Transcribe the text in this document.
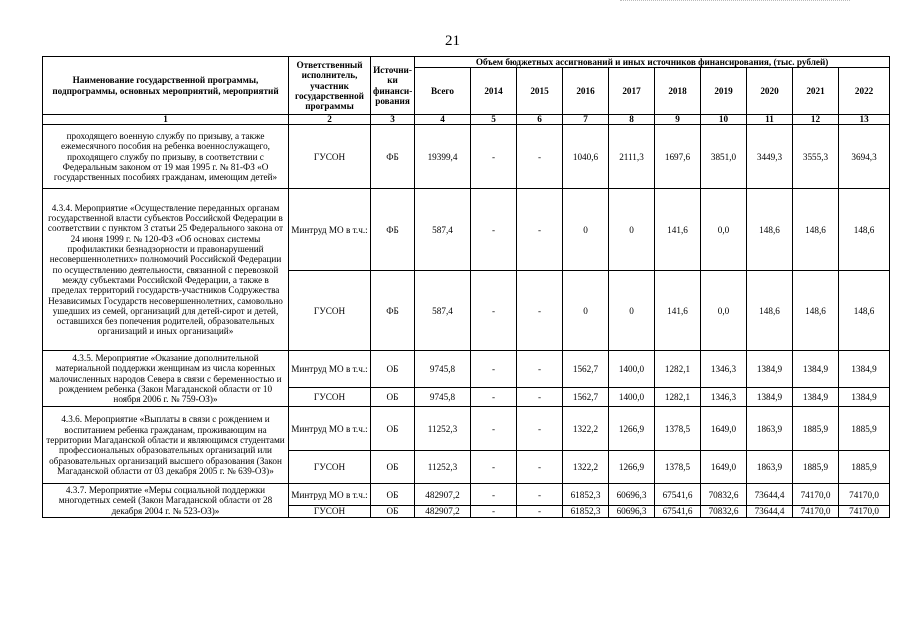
21
Наименование государственной программы, подпрограммы, основных мероприятий, мероприятий	Ответственный исполнитель, участник государственной программы	Источни-ки финанси-рования	Объем бюджетных ассигнований и иных источников финансирования, (тыс. рублей)									
			Всего	2014	2015	2016	2017	2018	2019	2020	2021	2022
1	2	3	4	5	6	7	8	9	10	11	12	13
проходящего военную службу по призыву, а также ежемесячного пособия на ребенка военнослужащего, проходящего службу по призыву, в соответствии с Федеральным законом от 19 мая 1995 г. № 81-ФЗ «О государственных пособиях гражданам, имеющим детей»	ГУСОН	ФБ	19399,4	-	-	1040,6	2111,3	1697,6	3851,0	3449,3	3555,3	3694,3
4.3.4. Мероприятие «Осуществление переданных органам государственной власти субъектов Российской Федерации в соответствии с пунктом 3 статьи 25 Федерального закона от 24 июня 1999 г. № 120-ФЗ «Об основах системы профилактики безнадзорности и правонарушений несовершеннолетних» полномочий Российской Федерации по осуществлению деятельности, связанной с перевозкой между субъектами Российской Федерации, а также в пределах территорий государств-участников Содружества Независимых Государств несовершеннолетних, самовольно ушедших из семей, организаций для детей-сирот и детей, оставшихся без попечения родителей, образовательных организаций и иных организаций»	Минтруд МО в т.ч.:	ФБ	587,4	-	-	0	0	141,6	0,0	148,6	148,6	148,6
	ГУСОН	ФБ	587,4	-	-	0	0	141,6	0,0	148,6	148,6	148,6
4.3.5. Мероприятие «Оказание дополнительной материальной поддержки женщинам из числа коренных малочисленных народов Севера в связи с беременностью и рождением ребенка (Закон Магаданской области от 10 ноября 2006 г. № 759-ОЗ)»	Минтруд МО в т.ч.:	ОБ	9745,8	-	-	1562,7	1400,0	1282,1	1346,3	1384,9	1384,9	1384,9
	ГУСОН	ОБ	9745,8	-	-	1562,7	1400,0	1282,1	1346,3	1384,9	1384,9	1384,9
4.3.6. Мероприятие «Выплаты в связи с рождением и воспитанием ребенка гражданам, проживающим на территории Магаданской области и являющимся студентами профессиональных образовательных организаций или образовательных организаций высшего образования (Закон Магаданской области от 03 декабря 2005 г. № 639-ОЗ)»	Минтруд МО в т.ч.:	ОБ	11252,3	-	-	1322,2	1266,9	1378,5	1649,0	1863,9	1885,9	1885,9
	ГУСОН	ОБ	11252,3	-	-	1322,2	1266,9	1378,5	1649,0	1863,9	1885,9	1885,9
4.3.7. Мероприятие «Меры социальной поддержки многодетных семей (Закон Магаданской области от 28 декабря 2004 г. № 523-ОЗ)»	Минтруд МО в т.ч.:	ОБ	482907,2	-	-	61852,3	60696,3	67541,6	70832,6	73644,4	74170,0	74170,0
	ГУСОН	ОБ	482907,2	-	-	61852,3	60696,3	67541,6	70832,6	73644,4	74170,0	74170,0
